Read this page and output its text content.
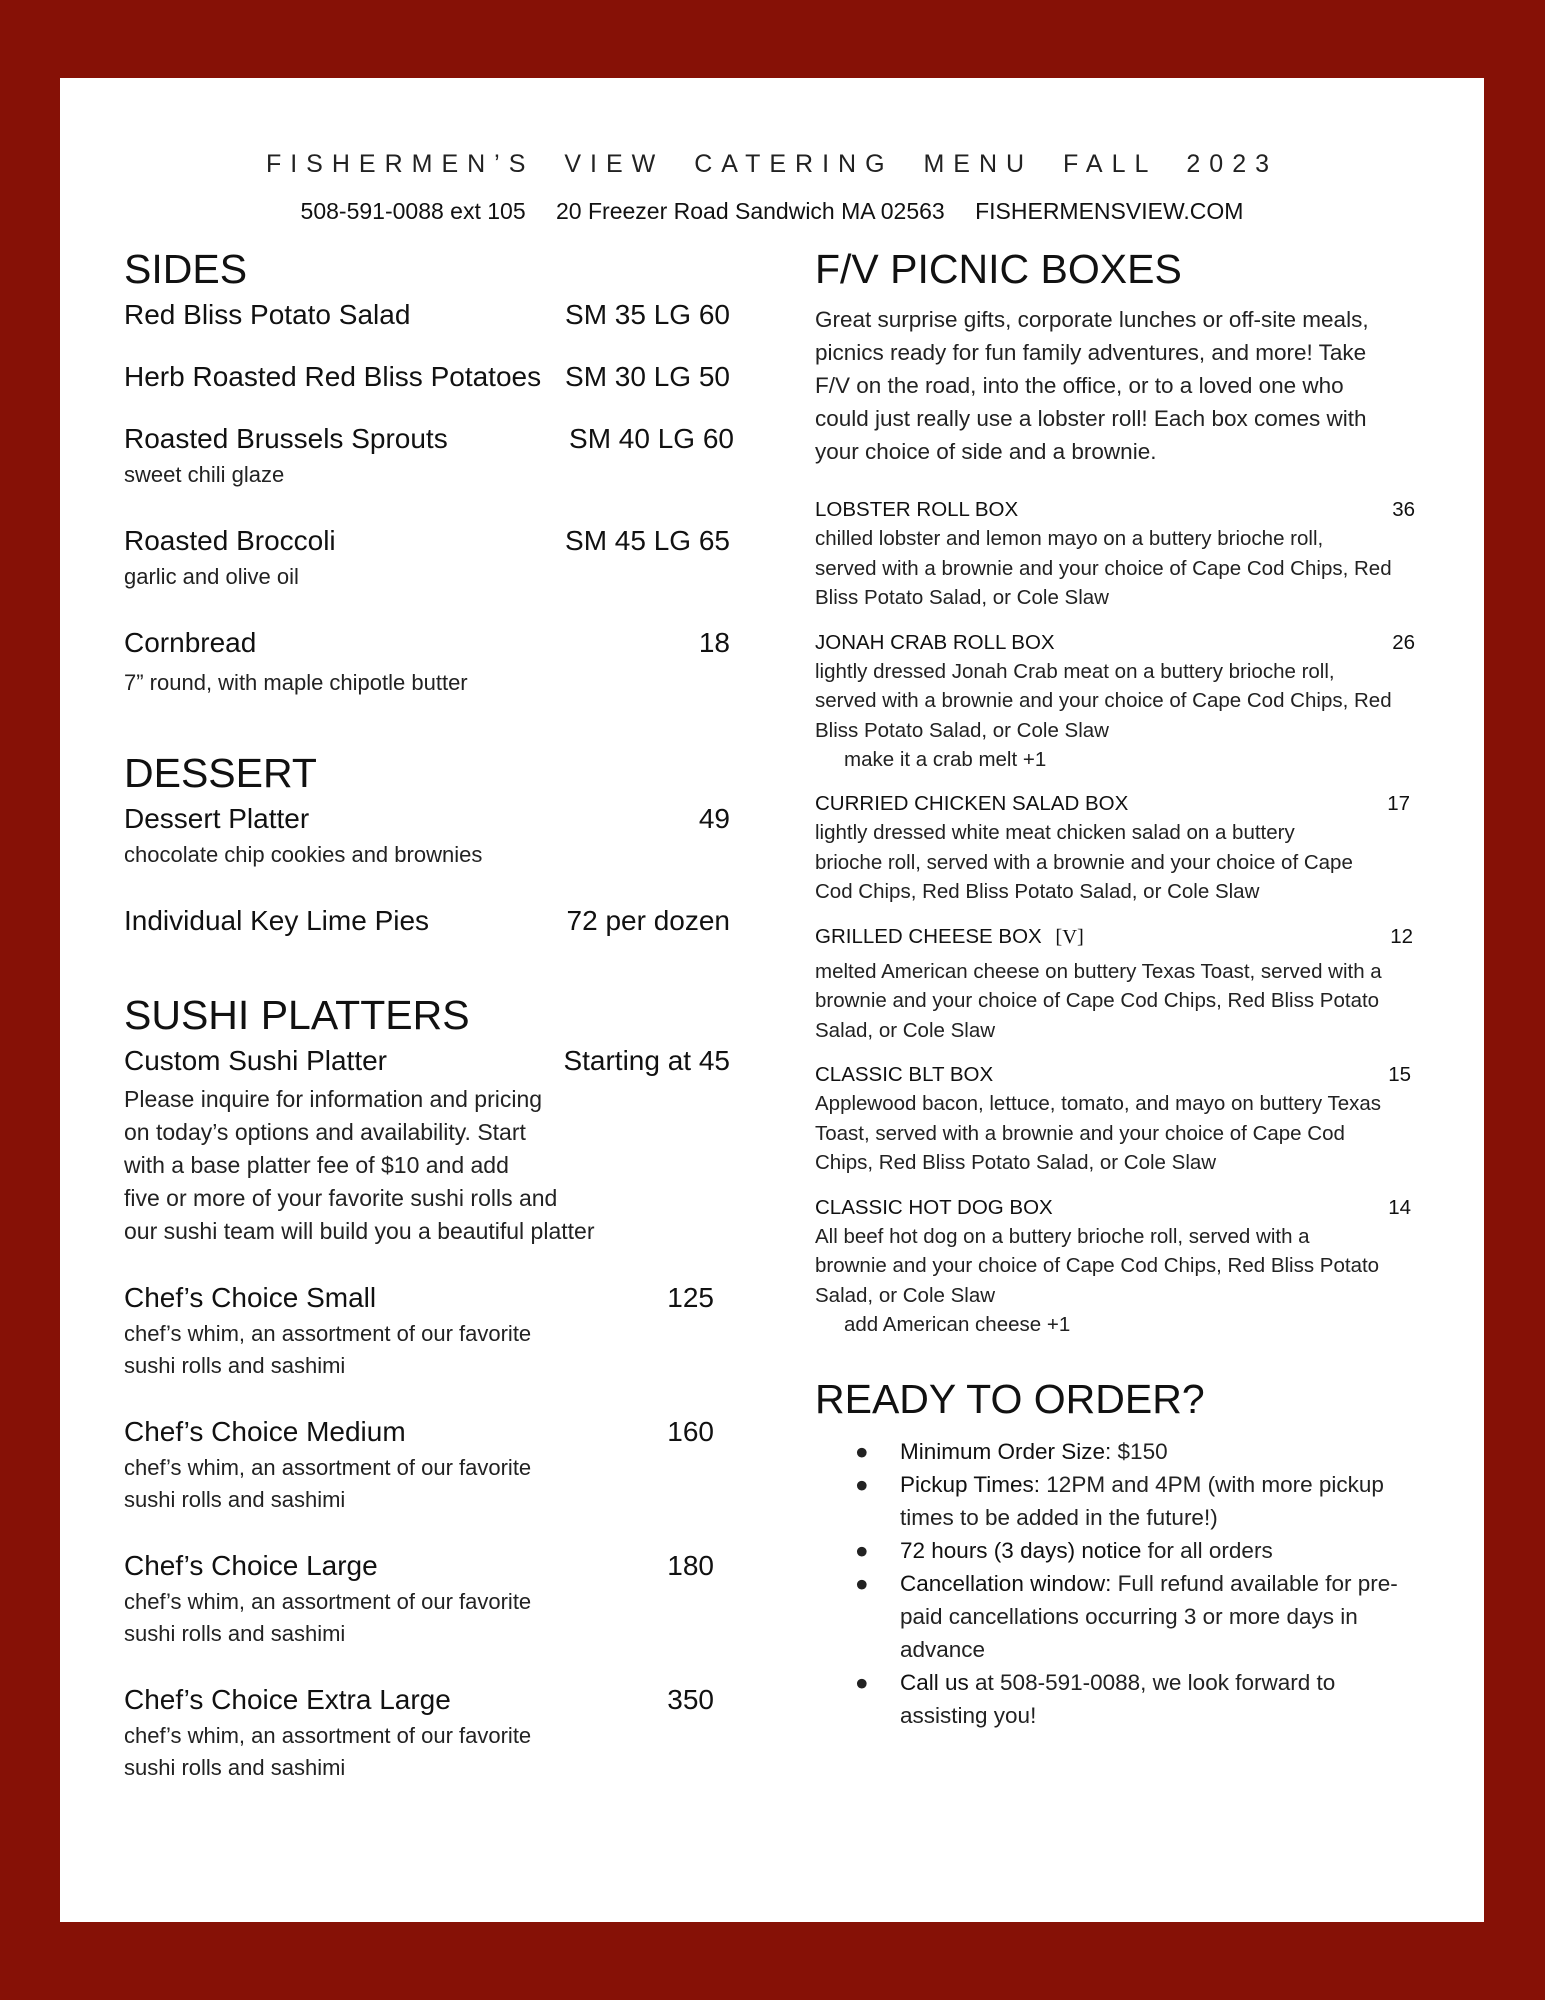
FISHERMEN’S VIEW CATERING MENU FALL 2023
508-591-0088 ext 105 20 Freezer Road Sandwich MA 02563 FISHERMENSVIEW.COM
SIDES
Red Bliss Potato Salad	SM 35 LG 60
Herb Roasted Red Bliss Potatoes SM 30 LG 50
Roasted Brussels Sprouts	SM 40 LG 60
sweet chili glaze
Roasted Broccoli	SM 45 LG 65
garlic and olive oil
Cornbread	18
7” round, with maple chipotle butter
DESSERT
Dessert Platter	49
chocolate chip cookies and brownies
Individual Key Lime Pies	72 per dozen
SUSHI PLATTERS
Custom Sushi Platter	Starting at 45
Please inquire for information and pricing
on today’s options and availability. Start
with a base platter fee of $10 and add
five or more of your favorite sushi rolls and
our sushi team will build you a beautiful platter
Chef’s Choice Small	125
chef’s whim, an assortment of our favorite
sushi rolls and sashimi
Chef’s Choice Medium	160
chef’s whim, an assortment of our favorite
sushi rolls and sashimi
Chef’s Choice Large	180
chef’s whim, an assortment of our favorite
sushi rolls and sashimi
Chef’s Choice Extra Large	350
chef’s whim, an assortment of our favorite
sushi rolls and sashimi
F/V PICNIC BOXES
Great surprise gifts, corporate lunches or off-site meals,
picnics ready for fun family adventures, and more! Take
F/V on the road, into the office, or to a loved one who
could just really use a lobster roll! Each box comes with
your choice of side and a brownie.
LOBSTER ROLL BOX	36
chilled lobster and lemon mayo on a buttery brioche roll,
served with a brownie and your choice of Cape Cod Chips, Red
Bliss Potato Salad, or Cole Slaw
JONAH CRAB ROLL BOX	26
lightly dressed Jonah Crab meat on a buttery brioche roll,
served with a brownie and your choice of Cape Cod Chips, Red
Bliss Potato Salad, or Cole Slaw
make it a crab melt +1
CURRIED CHICKEN SALAD BOX	17
lightly dressed white meat chicken salad on a buttery
brioche roll, served with a brownie and your choice of Cape
Cod Chips, Red Bliss Potato Salad, or Cole Slaw
GRILLED CHEESE BOX [V]	12
melted American cheese on buttery Texas Toast, served with a
brownie and your choice of Cape Cod Chips, Red Bliss Potato
Salad, or Cole Slaw
CLASSIC BLT BOX	15
Applewood bacon, lettuce, tomato, and mayo on buttery Texas
Toast, served with a brownie and your choice of Cape Cod
Chips, Red Bliss Potato Salad, or Cole Slaw
CLASSIC HOT DOG BOX	14
All beef hot dog on a buttery brioche roll, served with a
brownie and your choice of Cape Cod Chips, Red Bliss Potato
Salad, or Cole Slaw
add American cheese +1
READY TO ORDER?
● Minimum Order Size: $150
● Pickup Times: 12PM and 4PM (with more pickup times to be added in the future!)
● 72 hours (3 days) notice for all orders
● Cancellation window: Full refund available for pre-paid cancellations occurring 3 or more days in advance
● Call us at 508-591-0088, we look forward to assisting you!
